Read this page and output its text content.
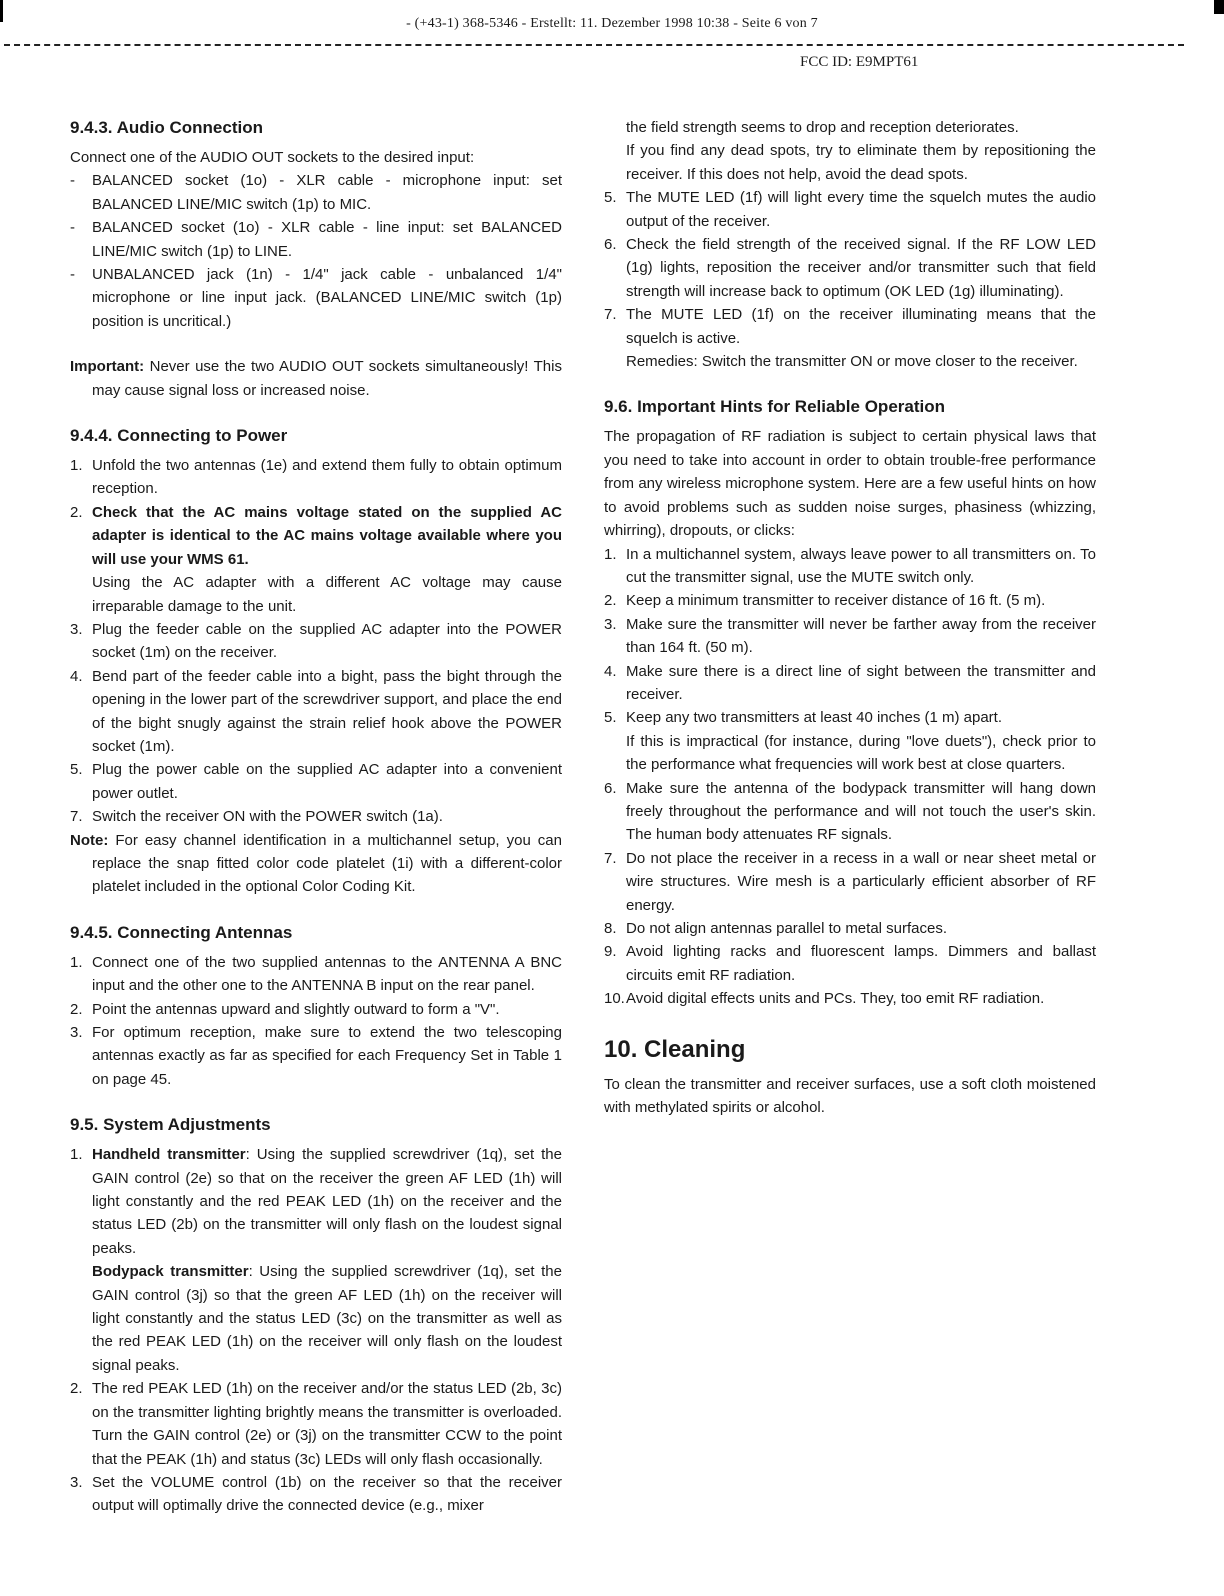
- (+43-1) 368-5346 - Erstellt: 11. Dezember 1998 10:38 - Seite 6 von 7
FCC ID: E9MPT61
9.4.3. Audio Connection

Connect one of the AUDIO OUT sockets to the desired input:

- BALANCED socket (1o) - XLR cable - microphone input: set BALANCED LINE/MIC switch (1p) to MIC.
- BALANCED socket (1o) - XLR cable - line input: set BALANCED LINE/MIC switch (1p) to LINE.
- UNBALANCED jack (1n) - 1/4" jack cable - unbalanced 1/4" microphone or line input jack. (BALANCED LINE/MIC switch (1p) position is uncritical.)

Important: Never use the two AUDIO OUT sockets simultaneously! This may cause signal loss or increased noise.

9.4.4. Connecting to Power
1. Unfold the two antennas (1e) and extend them fully to obtain optimum reception.
2. Check that the AC mains voltage stated on the supplied AC adapter is identical to the AC mains voltage available where you will use your WMS 61.
Using the AC adapter with a different AC voltage may cause irreparable damage to the unit.
3. Plug the feeder cable on the supplied AC adapter into the POWER socket (1m) on the receiver.
4. Bend part of the feeder cable into a bight, pass the bight through the opening in the lower part of the screwdriver support, and place the end of the bight snugly against the strain relief hook above the POWER socket (1m).
5. Plug the power cable on the supplied AC adapter into a convenient power outlet.
7. Switch the receiver ON with the POWER switch (1a).

Note: For easy channel identification in a multichannel setup, you can replace the snap fitted color code platelet (1i) with a different-color platelet included in the optional Color Coding Kit.

9.4.5. Connecting Antennas
1. Connect one of the two supplied antennas to the ANTENNA A BNC input and the other one to the ANTENNA B input on the rear panel.
2. Point the antennas upward and slightly outward to form a "V".
3. For optimum reception, make sure to extend the two telescoping antennas exactly as far as specified for each Frequency Set in Table 1 on page 45.
9.5. System Adjustments
1. Handheld transmitter: Using the supplied screwdriver (1q), set the GAIN control (2e) so that on the receiver the green AF LED (1h) will light constantly and the red PEAK LED (1h) on the receiver and the status LED (2b) on the transmitter will only flash on the loudest signal peaks.

Bodypack transmitter: Using the supplied screwdriver (1q), set the GAIN control (3j) so that the green AF LED (1h) on the receiver will light constantly and the status LED (3c) on the transmitter as well as the red PEAK LED (1h) on the receiver will only flash on the loudest signal peaks.

2. The red PEAK LED (1h) on the receiver and/or the status LED (2b, 3c) on the transmitter lighting brightly means the transmitter is overloaded. Turn the GAIN control (2e) or (3j) on the transmitter CCW to the point that the PEAK (1h) and status (3c) LEDs will only flash occasionally.
3. Set the VOLUME control (1b) on the receiver so that the receiver output will optimally drive the connected device (e.g., mixer

the field strength seems to drop and reception deteriorates.

If you find any dead spots, try to eliminate them by repositioning the receiver. If this does not help, avoid the dead spots.

5. The MUTE LED (1f) will light every time the squelch mutes the audio output of the receiver.
6. Check the field strength of the received signal. If the RF LOW LED (1g) lights, reposition the receiver and/or transmitter such that field strength will increase back to optimum (OK LED (1g) illuminating).
7. The MUTE LED (1f) on the receiver illuminating means that the squelch is active.

Remedies: Switch the transmitter ON or move closer to the receiver.

9.6. Important Hints for Reliable Operation

The propagation of RF radiation is subject to certain physical laws that you need to take into account in order to obtain trouble-free performance from any wireless microphone system. Here are a few useful hints on how to avoid problems such as sudden noise surges, phasiness (whizzing, whirring), dropouts, or clicks:

1. In a multichannel system, always leave power to all transmitters on. To cut the transmitter signal, use the MUTE switch only.
2. Keep a minimum transmitter to receiver distance of 16 ft. (5 m).
3. Make sure the transmitter will never be farther away from the receiver than 164 ft. (50 m).
4. Make sure there is a direct line of sight between the transmitter and receiver.
5. Keep any two transmitters at least 40 inches (1 m) apart.
If this is impractical (for instance, during "love duets"), check prior to the performance what frequencies will work best at close quarters.
6. Make sure the antenna of the bodypack transmitter will hang down freely throughout the performance and will not touch the user's skin. The human body attenuates RF signals.
7. Do not place the receiver in a recess in a wall or near sheet metal or wire structures. Wire mesh is a particularly efficient absorber of RF energy.
8. Do not align antennas parallel to metal surfaces.
9. Avoid lighting racks and fluorescent lamps. Dimmers and ballast circuits emit RF radiation.
10. Avoid digital effects units and PCs. They, too emit RF radiation.
10. Cleaning

To clean the transmitter and receiver surfaces, use a soft cloth moistened with methylated spirits or alcohol.
